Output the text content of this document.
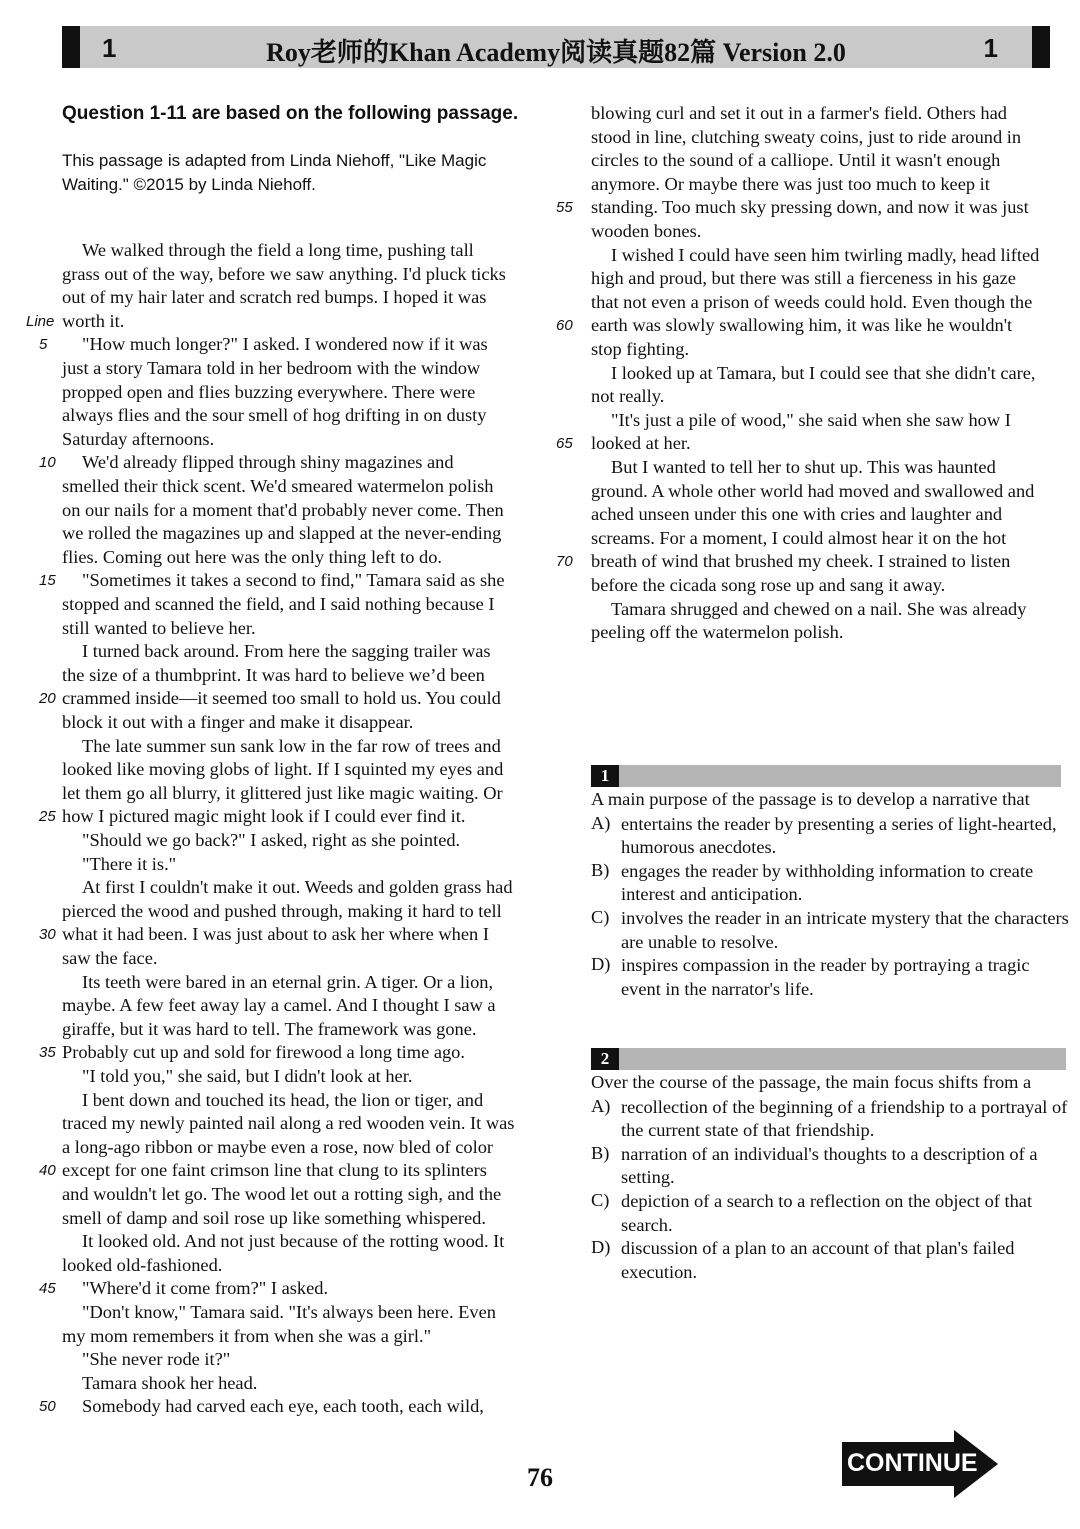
1	Roy老师的Khan Academy阅读真题82篇 Version 2.0	1
Question 1-11 are based on the following passage.
This passage is adapted from Linda Niehoff, "Like Magic Waiting." ©2015 by Linda Niehoff.
We walked through the field a long time, pushing tall
grass out of the way, before we saw anything. I'd pluck ticks
out of my hair later and scratch red bumps. I hoped it was
worth it.
Line
"How much longer?" I asked. I wondered now if it was
5
just a story Tamara told in her bedroom with the window
propped open and flies buzzing everywhere. There were
always flies and the sour smell of hog drifting in on dusty
Saturday afternoons.
We'd already flipped through shiny magazines and
10
smelled their thick scent. We'd smeared watermelon polish
on our nails for a moment that'd probably never come. Then
we rolled the magazines up and slapped at the never-ending
flies. Coming out here was the only thing left to do.
"Sometimes it takes a second to find," Tamara said as she
15
stopped and scanned the field, and I said nothing because I
still wanted to believe her.
I turned back around. From here the sagging trailer was
the size of a thumbprint. It was hard to believe we’d been
crammed inside—it seemed too small to hold us. You could
20
block it out with a finger and make it disappear.
The late summer sun sank low in the far row of trees and
looked like moving globs of light. If I squinted my eyes and
let them go all blurry, it glittered just like magic waiting. Or
how I pictured magic might look if I could ever find it.
25
"Should we go back?" I asked, right as she pointed.
"There it is."
At first I couldn't make it out. Weeds and golden grass had
pierced the wood and pushed through, making it hard to tell
what it had been. I was just about to ask her where when I
30
saw the face.
Its teeth were bared in an eternal grin. A tiger. Or a lion,
maybe. A few feet away lay a camel. And I thought I saw a
giraffe, but it was hard to tell. The framework was gone.
Probably cut up and sold for firewood a long time ago.
35
"I told you," she said, but I didn't look at her.
I bent down and touched its head, the lion or tiger, and
traced my newly painted nail along a red wooden vein. It was
a long-ago ribbon or maybe even a rose, now bled of color
except for one faint crimson line that clung to its splinters
40
and wouldn't let go. The wood let out a rotting sigh, and the
smell of damp and soil rose up like something whispered.
It looked old. And not just because of the rotting wood. It
looked old-fashioned.
"Where'd it come from?" I asked.
45
"Don't know," Tamara said. "It's always been here. Even
my mom remembers it from when she was a girl."
"She never rode it?"
Tamara shook her head.
Somebody had carved each eye, each tooth, each wild,
50
blowing curl and set it out in a farmer's field. Others had
stood in line, clutching sweaty coins, just to ride around in
circles to the sound of a calliope. Until it wasn't enough
anymore. Or maybe there was just too much to keep it
standing. Too much sky pressing down, and now it was just
55
wooden bones.
I wished I could have seen him twirling madly, head lifted
high and proud, but there was still a fierceness in his gaze
that not even a prison of weeds could hold. Even though the
earth was slowly swallowing him, it was like he wouldn't
60
stop fighting.
I looked up at Tamara, but I could see that she didn't care,
not really.
"It's just a pile of wood," she said when she saw how I
looked at her.
65
But I wanted to tell her to shut up. This was haunted
ground. A whole other world had moved and swallowed and
ached unseen under this one with cries and laughter and
screams. For a moment, I could almost hear it on the hot
breath of wind that brushed my cheek. I strained to listen
70
before the cicada song rose up and sang it away.
Tamara shrugged and chewed on a nail. She was already
peeling off the watermelon polish.
1
A main purpose of the passage is to develop a narrative that
A) entertains the reader by presenting a series of light-hearted, humorous anecdotes.
B) engages the reader by withholding information to create interest and anticipation.
C) involves the reader in an intricate mystery that the characters are unable to resolve.
D) inspires compassion in the reader by portraying a tragic event in the narrator's life.
2
Over the course of the passage, the main focus shifts from a
A) recollection of the beginning of a friendship to a portrayal of the current state of that friendship.
B) narration of an individual's thoughts to a description of a setting.
C) depiction of a search to a reflection on the object of that search.
D) discussion of a plan to an account of that plan's failed execution.
76	CONTINUE
